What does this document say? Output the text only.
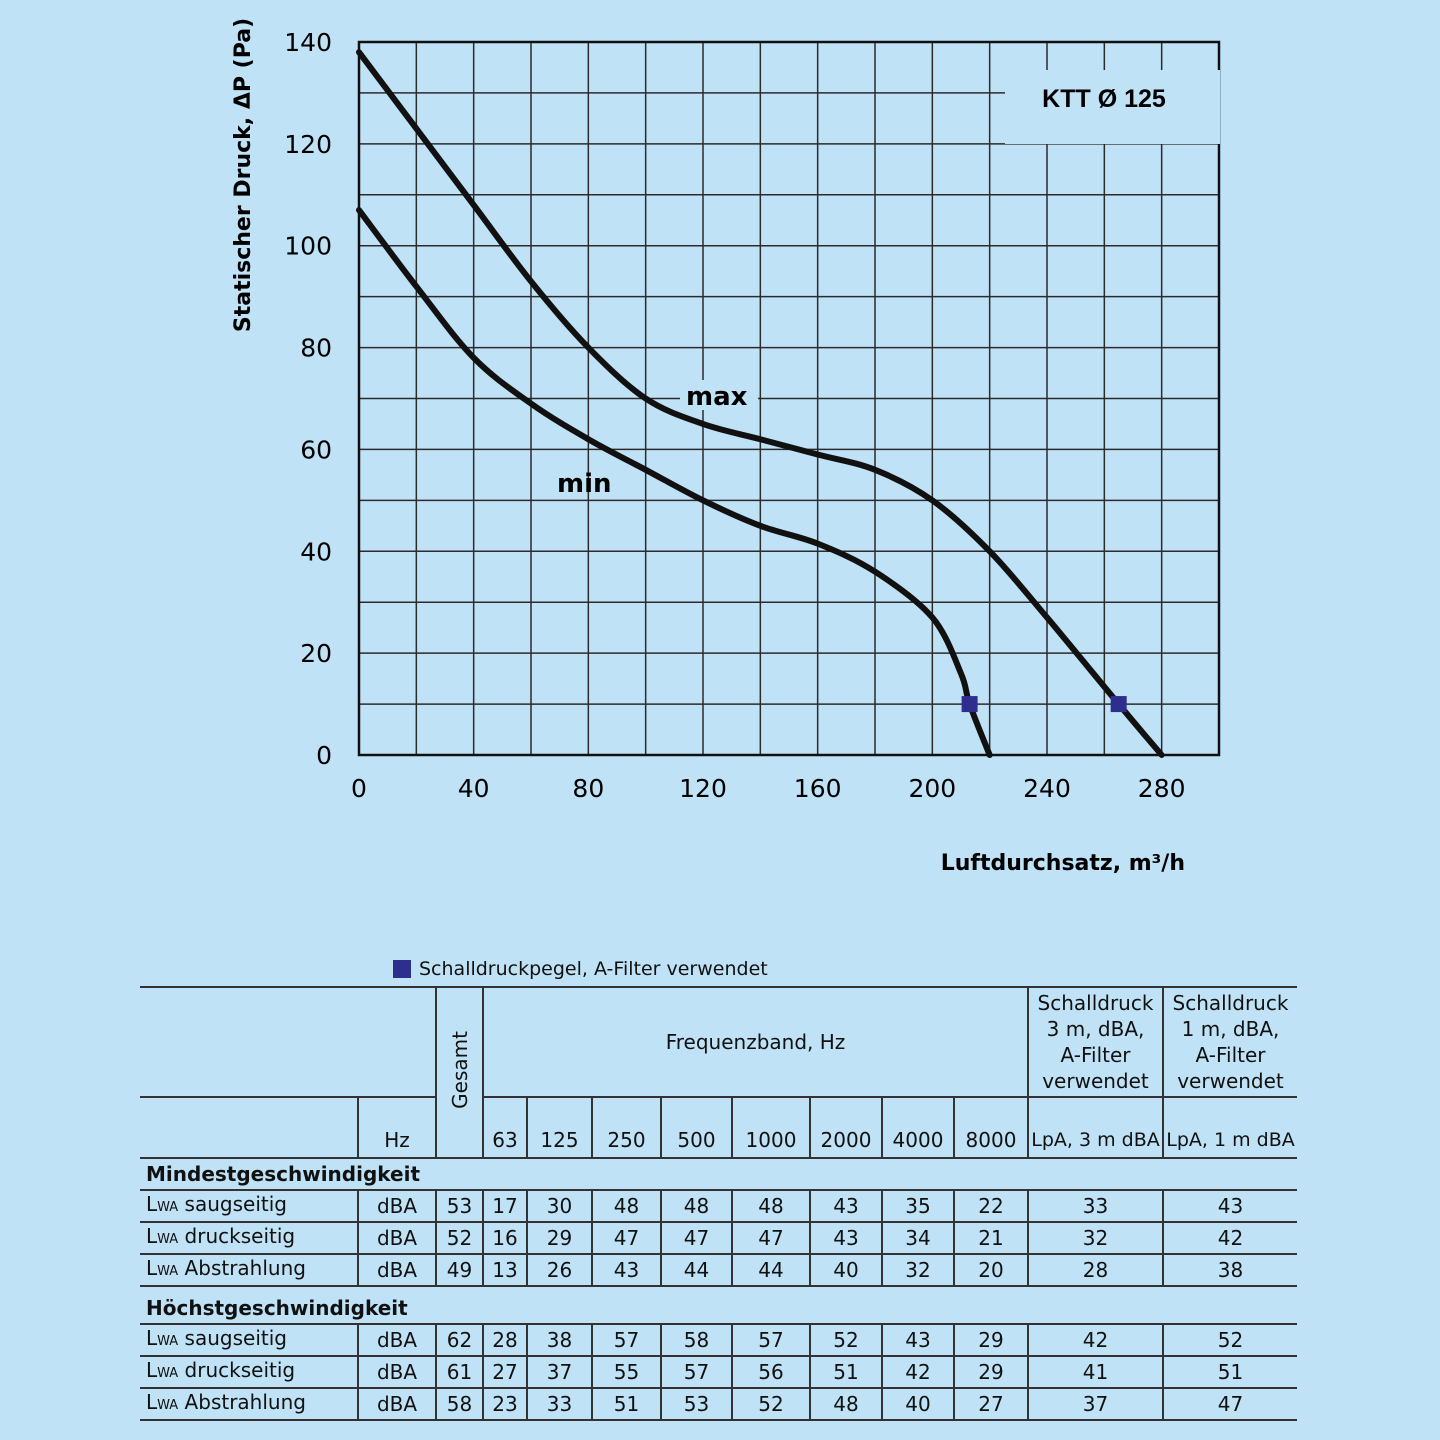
KTT Ø 125
0	40	80	120	160	200	240	280
0
20
40
60
80
100
120
140
Luftdurchsatz, m³/h
Statischer Druck, ΔP (Pa)
max
min
Schalldruckpegel, A-Filter verwendet
		Gesamt	Frequenzband, Hz								Schalldruck 3 m, dBA, A-Filter verwendet	Schalldruck 1 m, dBA, A-Filter verwendet
	Hz		63	125	250	500	1000	2000	4000	8000	LpA, 3 m dBA	LpA, 1 m dBA
Mindestgeschwindigkeit												
LWA saugseitig	dBA	53	17	30	48	48	48	43	35	22	33	43
LWA druckseitig	dBA	52	16	29	47	47	47	43	34	21	32	42
LWA Abstrahlung	dBA	49	13	26	43	44	44	40	32	20	28	38

Höchstgeschwindigkeit												
LWA saugseitig	dBA	62	28	38	57	58	57	52	43	29	42	52
LWA druckseitig	dBA	61	27	37	55	57	56	51	42	29	41	51
LWA Abstrahlung	dBA	58	23	33	51	53	52	48	40	27	37	47
